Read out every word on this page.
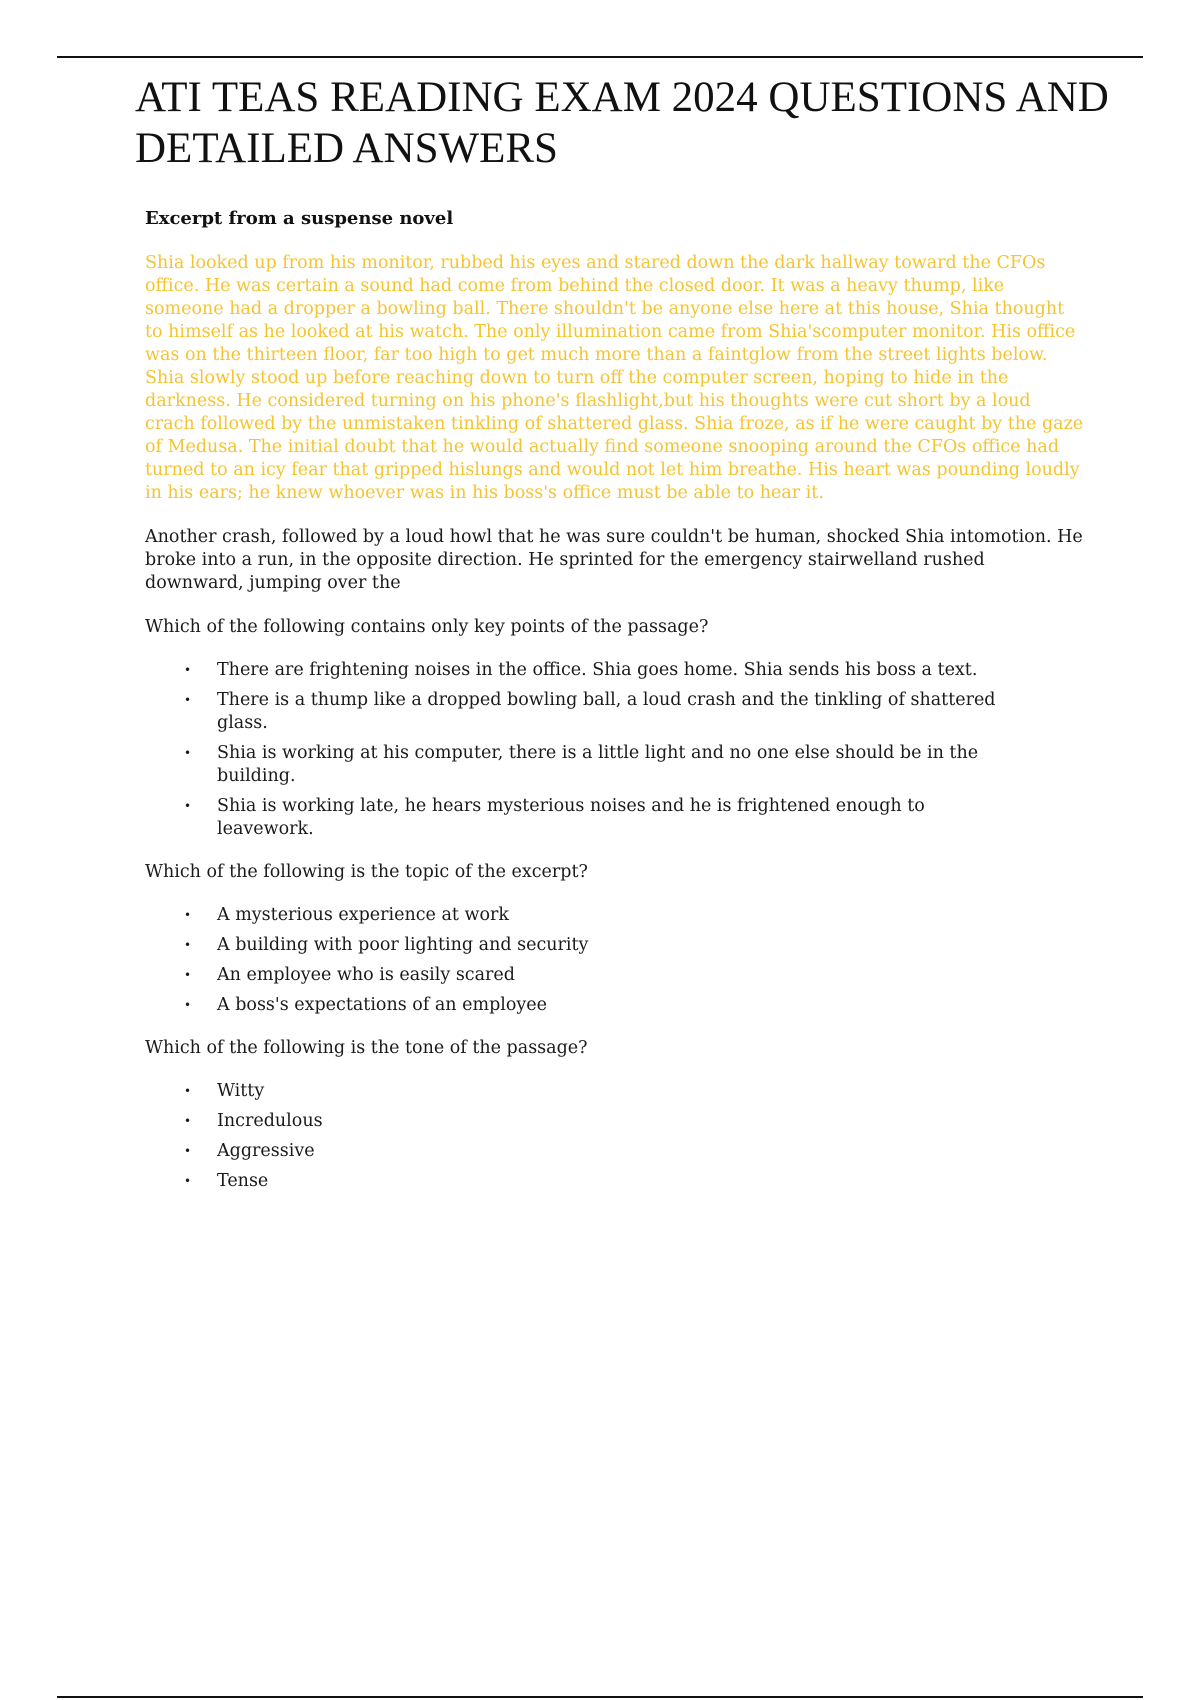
ATI TEAS READING EXAM 2024 QUESTIONS AND DETAILED ANSWERS

Excerpt from a suspense novel

Shia looked up from his monitor, rubbed his eyes and stared down the dark hallway toward the CFOs office. He was certain a sound had come from behind the closed door. It was a heavy thump, like someone had a dropper a bowling ball. There shouldn't be anyone else here at this house, Shia thought to himself as he looked at his watch. The only illumination came from Shia'scomputer monitor. His office was on the thirteen floor, far too high to get much more than a faintglow from the street lights below. Shia slowly stood up before reaching down to turn off the computer screen, hoping to hide in the darkness. He considered turning on his phone's flashlight,but his thoughts were cut short by a loud crach followed by the unmistaken tinkling of shattered glass. Shia froze, as if he were caught by the gaze of Medusa. The initial doubt that he would actually find someone snooping around the CFOs office had turned to an icy fear that gripped hislungs and would not let him breathe. His heart was pounding loudly in his ears; he knew whoever was in his boss's office must be able to hear it.

Another crash, followed by a loud howl that he was sure couldn't be human, shocked Shia intomotion. He broke into a run, in the opposite direction. He sprinted for the emergency stairwelland rushed downward, jumping over the

Which of the following contains only key points of the passage?

• There are frightening noises in the office. Shia goes home. Shia sends his boss a text.
• There is a thump like a dropped bowling ball, a loud crash and the tinkling of shattered glass.
• Shia is working at his computer, there is a little light and no one else should be in the building.
• Shia is working late, he hears mysterious noises and he is frightened enough to leavework.

Which of the following is the topic of the excerpt?

• A mysterious experience at work
• A building with poor lighting and security
• An employee who is easily scared
• A boss's expectations of an employee

Which of the following is the tone of the passage?

• Witty
• Incredulous
• Aggressive
• Tense
